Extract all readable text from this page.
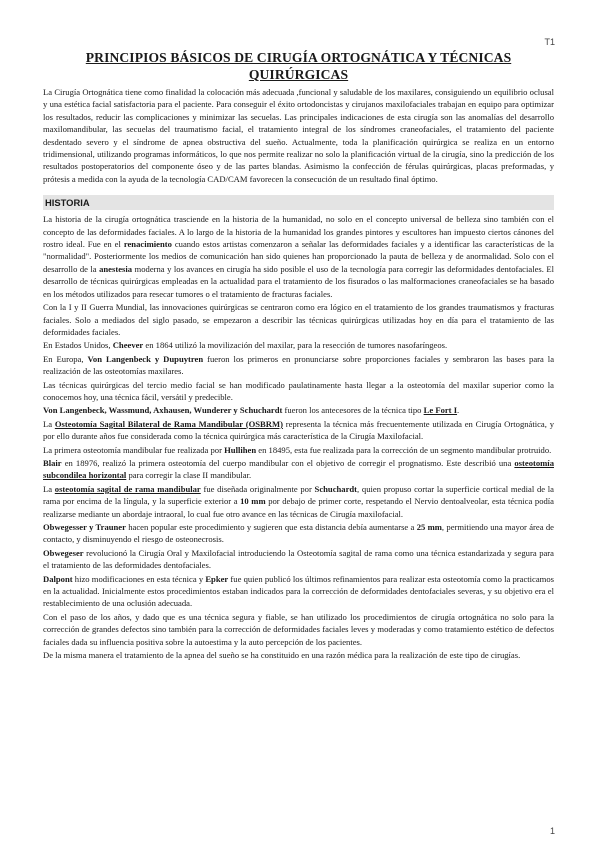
T1
PRINCIPIOS BÁSICOS DE CIRUGÍA ORTOGNÁTICA Y TÉCNICAS QUIRÚRGICAS

La Cirugía Ortognática tiene como finalidad la colocación más adecuada ,funcional y saludable de los maxilares, consiguiendo un equilibrio oclusal y una estética facial satisfactoria para el paciente. Para conseguir el éxito ortodoncistas y cirujanos maxilofaciales trabajan en equipo para optimizar los resultados, reducir las complicaciones y minimizar las secuelas. Las principales indicaciones de esta cirugía son las anomalías del desarrollo maxilomandibular, las secuelas del traumatismo facial, el tratamiento integral de los síndromes craneofaciales, el tratamiento del paciente desdentado severo y el síndrome de apnea obstructiva del sueño. Actualmente, toda la planificación quirúrgica se realiza en un entorno tridimensional, utilizando programas informáticos, lo que nos permite realizar no solo la planificación virtual de la cirugía, sino la predicción de los resultados postoperatorios del componente óseo y de las partes blandas. Asimismo la confección de férulas quirúrgicas, placas preformadas, y prótesis a medida con la ayuda de la tecnología CAD/CAM favorecen la consecución de un resultado final óptimo.

HISTORIA

La historia de la cirugía ortognática trasciende en la historia de la humanidad, no solo en el concepto universal de belleza sino también con el concepto de las deformidades faciales. A lo largo de la historia de la humanidad los grandes pintores y escultores han impuesto ciertos cánones del rostro ideal. Fue en el renacimiento cuando estos artistas comenzaron a señalar las deformidades faciales y a identificar las características de la "normalidad". Posteriormente los medios de comunicación han sido quienes han proporcionado la pauta de belleza y de anormalidad. Solo con el desarrollo de la anestesia moderna y los avances en cirugía ha sido posible el uso de la tecnología para corregir las deformidades dentofaciales. El desarrollo de técnicas quirúrgicas empleadas en la actualidad para el tratamiento de los fisurados o las malformaciones craneofaciales se ha basado en los métodos utilizados para resecar tumores o el tratamiento de fracturas faciales.

Con la I y II Guerra Mundial, las innovaciones quirúrgicas se centraron como era lógico en el tratamiento de los grandes traumatismos y fracturas faciales. Solo a mediados del siglo pasado, se empezaron a describir las técnicas quirúrgicas utilizadas hoy en día para el tratamiento de las deformidades faciales.

En Estados Unidos, Cheever en 1864 utilizó la movilización del maxilar, para la resección de tumores nasofaríngeos.

En Europa, Von Langenbeck y Dupuytren fueron los primeros en pronunciarse sobre proporciones faciales y sembraron las bases para la realización de las osteotomías maxilares.

Las técnicas quirúrgicas del tercio medio facial se han modificado paulatinamente hasta llegar a la osteotomía del maxilar superior como la conocemos hoy, una técnica fácil, versátil y predecible.

Von Langenbeck, Wassmund, Axhausen, Wunderer y Schuchardt fueron los antecesores de la técnica tipo Le Fort I.

La Osteotomía Sagital Bilateral de Rama Mandibular (OSBRM) representa la técnica más frecuentemente utilizada en Cirugía Ortognática, y por ello durante años fue considerada como la técnica quirúrgica más característica de la Cirugía Maxilofacial.

La primera osteotomía mandibular fue realizada por Hullihen en 18495, esta fue realizada para la corrección de un segmento mandibular protruido.

Blair en 18976, realizó la primera osteotomía del cuerpo mandibular con el objetivo de corregir el prognatismo. Este describió una osteotomía subcondilea horizontal para corregir la clase II mandibular.

La osteotomía sagital de rama mandibular fue diseñada originalmente por Schuchardt, quien propuso cortar la superficie cortical medial de la rama por encima de la língula, y la superficie exterior a 10 mm por debajo de primer corte, respetando el Nervio dentoalveolar, esta técnica podía realizarse mediante un abordaje intraoral, lo cual fue otro avance en las técnicas de Cirugía maxilofacial.

Obwegesser y Trauner hacen popular este procedimiento y sugieren que esta distancia debía aumentarse a 25 mm, permitiendo una mayor área de contacto, y disminuyendo el riesgo de osteonecrosis.

Obwegeser revolucionó la Cirugía Oral y Maxilofacial introduciendo la Osteotomía sagital de rama como una técnica estandarizada y segura para el tratamiento de las deformidades dentofaciales.

Dalpont hizo modificaciones en esta técnica y Epker fue quien publicó los últimos refinamientos para realizar esta osteotomía como la practicamos en la actualidad. Inicialmente estos procedimientos estaban indicados para la corrección de deformidades dentofaciales severas, y su objetivo era el restablecimiento de una oclusión adecuada.

Con el paso de los años, y dado que es una técnica segura y fiable, se han utilizado los procedimientos de cirugía ortognática no solo para la corrección de grandes defectos sino también para la corrección de deformidades faciales leves y moderadas y como tratamiento estético de defectos faciales dada su influencia positiva sobre la autoestima y la auto percepción de los pacientes.

De la misma manera el tratamiento de la apnea del sueño se ha constituido en una razón médica para la realización de este tipo de cirugías.

1
